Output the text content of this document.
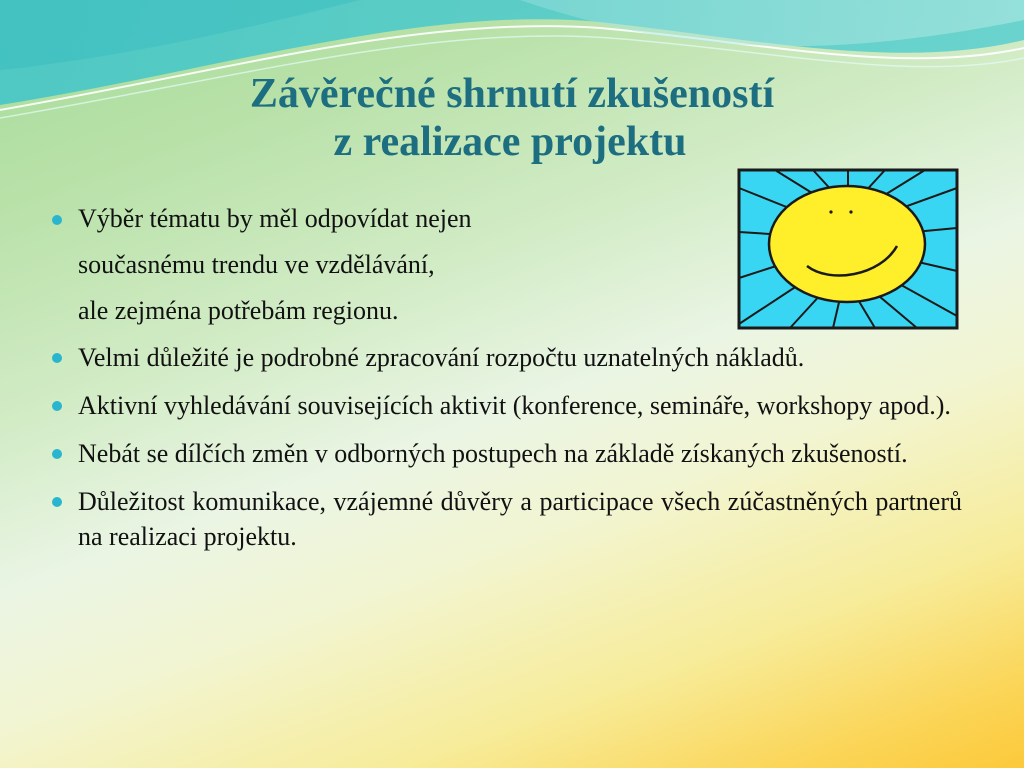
Závěrečné shrnutí zkušeností
z realizace projektu
Výběr tématu by měl odpovídat nejen
současnému trendu ve vzdělávání,
ale zejména potřebám regionu.
Velmi důležité je podrobné zpracování rozpočtu uznatelných nákladů.
Aktivní vyhledávání souvisejících aktivit (konference, semináře, workshopy apod.).
Nebát se dílčích změn v odborných postupech na základě získaných zkušeností.
Důležitost komunikace, vzájemné důvěry a participace všech zúčastněných partnerů na realizaci projektu.
